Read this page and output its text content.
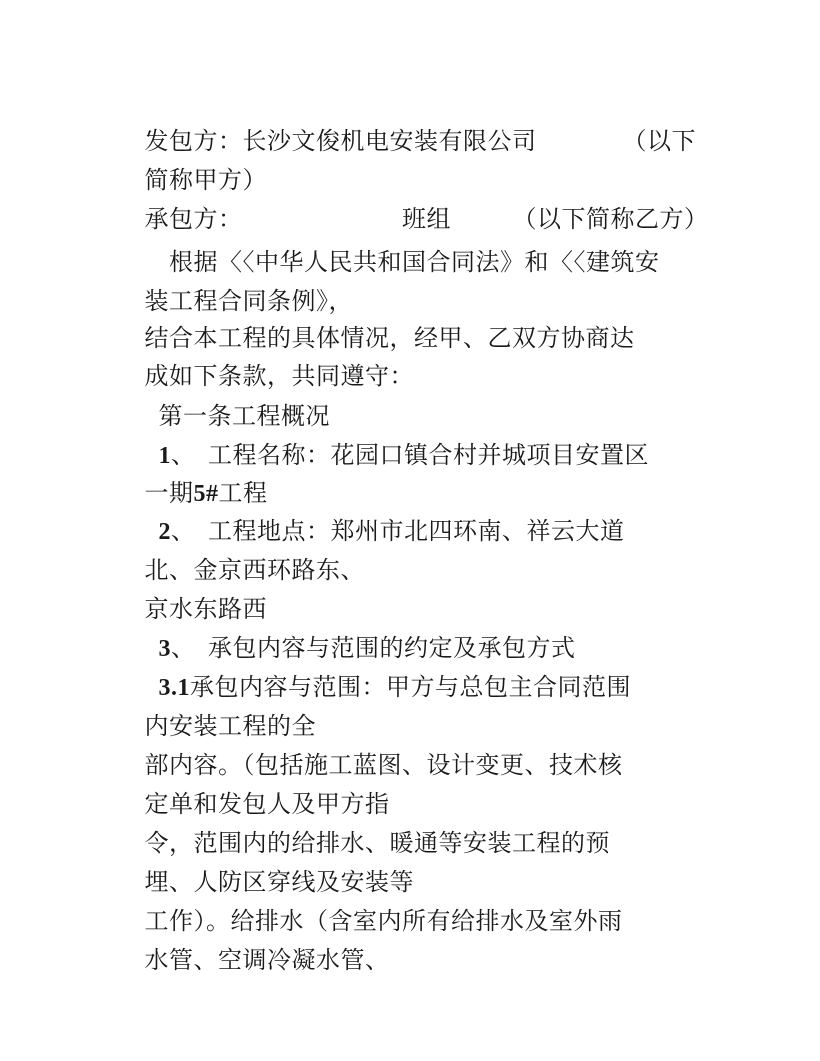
发包方：长沙文俊机电安装有限公司　　　　（以下

简称甲方）

承包方：　　　　　　　班组　　　（以下简称乙方）

　根据〈〈中华人民共和国合同法》和〈〈建筑安

装工程合同条例》，

结合本工程的具体情况，经甲、乙双方协商达

成如下条款，共同遵守：

第一条工程概况

1、　工程名称：花园口镇合村并城项目安置区

一期5#工程

2、　工程地点：郑州市北四环南、祥云大道

北、金京西环路东、

京水东路西

3、　承包内容与范围的约定及承包方式

3.1承包内容与范围：甲方与总包主合同范围

内安装工程的全

部内容。（包括施工蓝图、设计变更、技术核

定单和发包人及甲方指

令，范围内的给排水、暖通等安装工程的预

埋、人防区穿线及安装等

工作）。给排水（含室内所有给排水及室外雨

水管、空调冷凝水管、
